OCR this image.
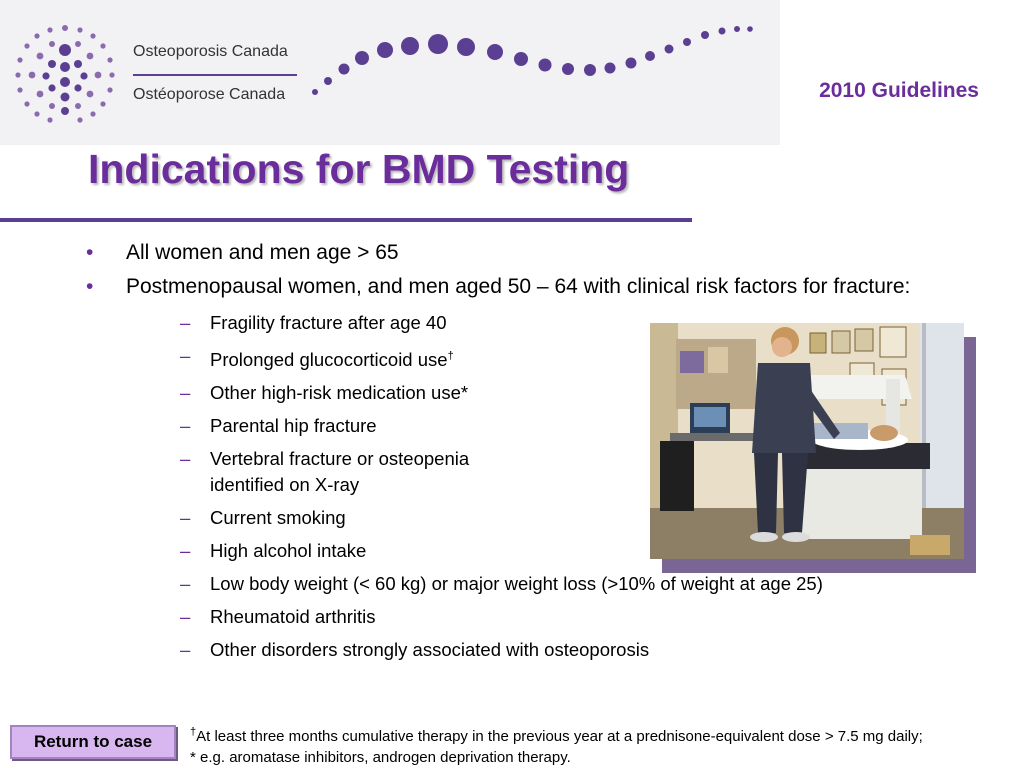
Osteoporosis Canada
Ostéoporose Canada	2010 Guidelines
Indications for BMD Testing
• All women and men age > 65
• Postmenopausal women, and men aged 50 – 64 with clinical risk factors for fracture:
– Fragility fracture after age 40
– Prolonged glucocorticoid use†
– Other high-risk medication use*
– Parental hip fracture
– Vertebral fracture or osteopenia
identified on X-ray
– Current smoking
– High alcohol intake
– Low body weight (< 60 kg) or major weight loss (>10% of weight at age 25)
– Rheumatoid arthritis
– Other disorders strongly associated with osteoporosis
Return to case	†At least three months cumulative therapy in the previous year at a prednisone-equivalent dose > 7.5 mg daily;
* e.g. aromatase inhibitors, androgen deprivation therapy.
